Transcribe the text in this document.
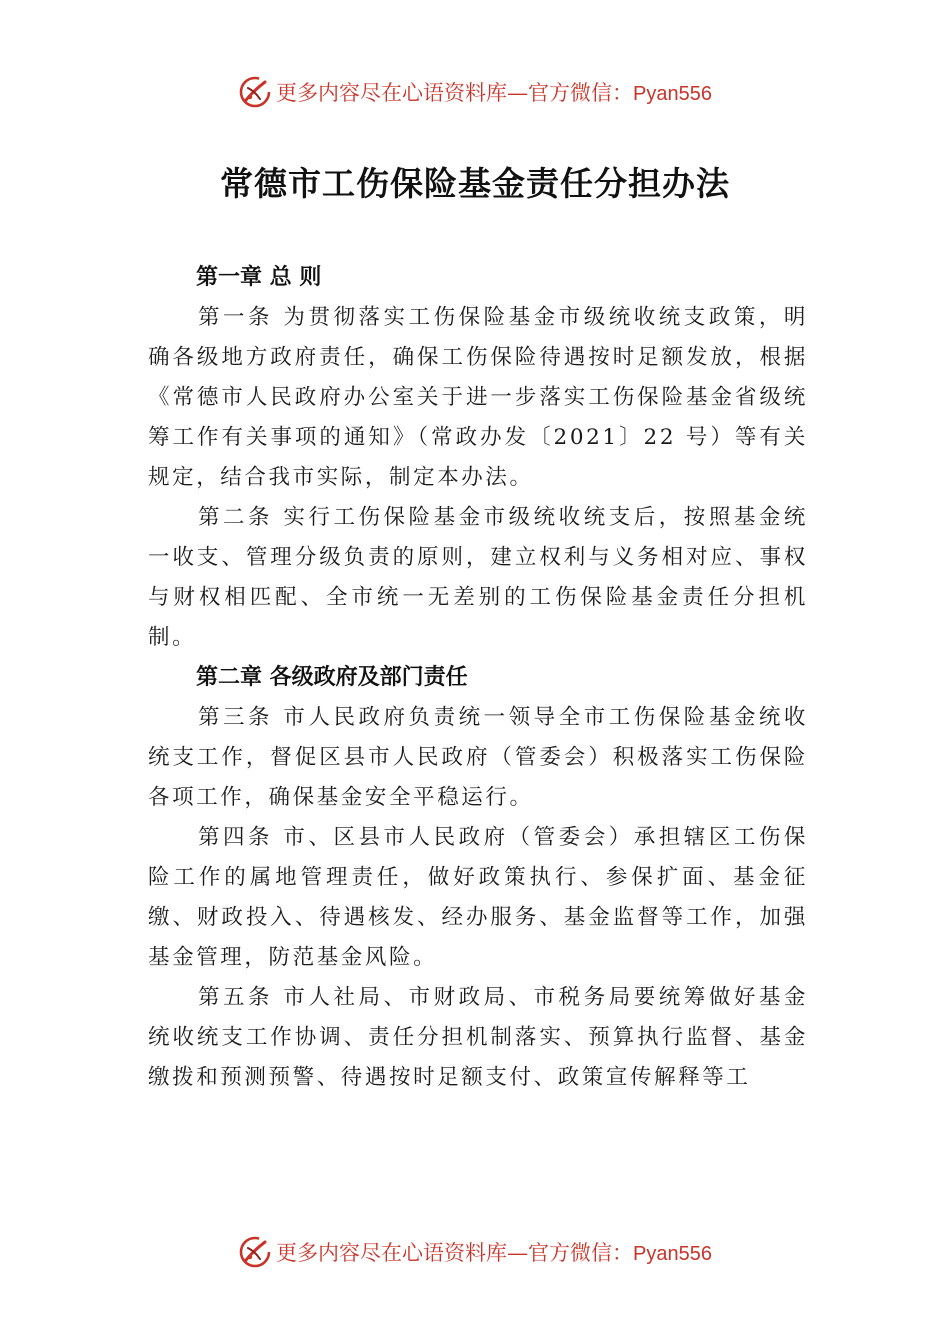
更多内容尽在心语资料库—官方微信：Pyan556
常德市工伤保险基金责任分担办法

第一章 总 则

第一条 为贯彻落实工伤保险基金市级统收统支政策，明确各级地方政府责任，确保工伤保险待遇按时足额发放，根据《常德市人民政府办公室关于进一步落实工伤保险基金省级统筹工作有关事项的通知》（常政办发〔2021〕22 号）等有关规定，结合我市实际，制定本办法。

第二条 实行工伤保险基金市级统收统支后，按照基金统一收支、管理分级负责的原则，建立权利与义务相对应、事权与财权相匹配、全市统一无差别的工伤保险基金责任分担机制。

第二章 各级政府及部门责任

第三条 市人民政府负责统一领导全市工伤保险基金统收统支工作，督促区县市人民政府（管委会）积极落实工伤保险各项工作，确保基金安全平稳运行。

第四条 市、区县市人民政府（管委会）承担辖区工伤保险工作的属地管理责任，做好政策执行、参保扩面、基金征缴、财政投入、待遇核发、经办服务、基金监督等工作，加强基金管理，防范基金风险。

第五条 市人社局、市财政局、市税务局要统筹做好基金统收统支工作协调、责任分担机制落实、预算执行监督、基金缴拨和预测预警、待遇按时足额支付、政策宣传解释等工

更多内容尽在心语资料库—官方微信：Pyan556
